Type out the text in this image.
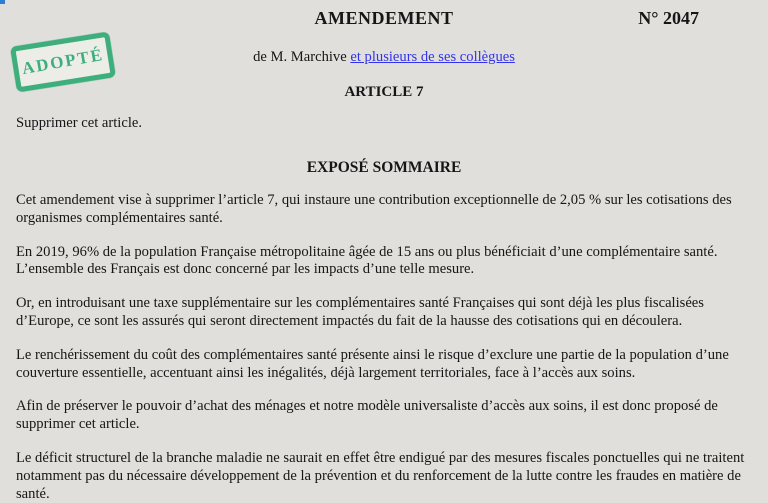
AMENDEMENT	N° 2047
ADOPTÉ	de M. Marchive et plusieurs de ses collègues
ARTICLE 7
Supprimer cet article.
EXPOSÉ SOMMAIRE

Cet amendement vise à supprimer l’article 7, qui instaure une contribution exceptionnelle de 2,05 % sur les cotisations des organismes complémentaires santé.

En 2019, 96% de la population Française métropolitaine âgée de 15 ans ou plus bénéficiait d’une complémentaire santé. L’ensemble des Français est donc concerné par les impacts d’une telle mesure.

Or, en introduisant une taxe supplémentaire sur les complémentaires santé Françaises qui sont déjà les plus fiscalisées d’Europe, ce sont les assurés qui seront directement impactés du fait de la hausse des cotisations qui en découlera.

Le renchérissement du coût des complémentaires santé présente ainsi le risque d’exclure une partie de la population d’une couverture essentielle, accentuant ainsi les inégalités, déjà largement territoriales, face à l’accès aux soins.

Afin de préserver le pouvoir d’achat des ménages et notre modèle universaliste d’accès aux soins, il est donc proposé de supprimer cet article.

Le déficit structurel de la branche maladie ne saurait en effet être endigué par des mesures fiscales ponctuelles qui ne traitent notamment pas du nécessaire développement de la prévention et du renforcement de la lutte contre les fraudes en matière de santé.
